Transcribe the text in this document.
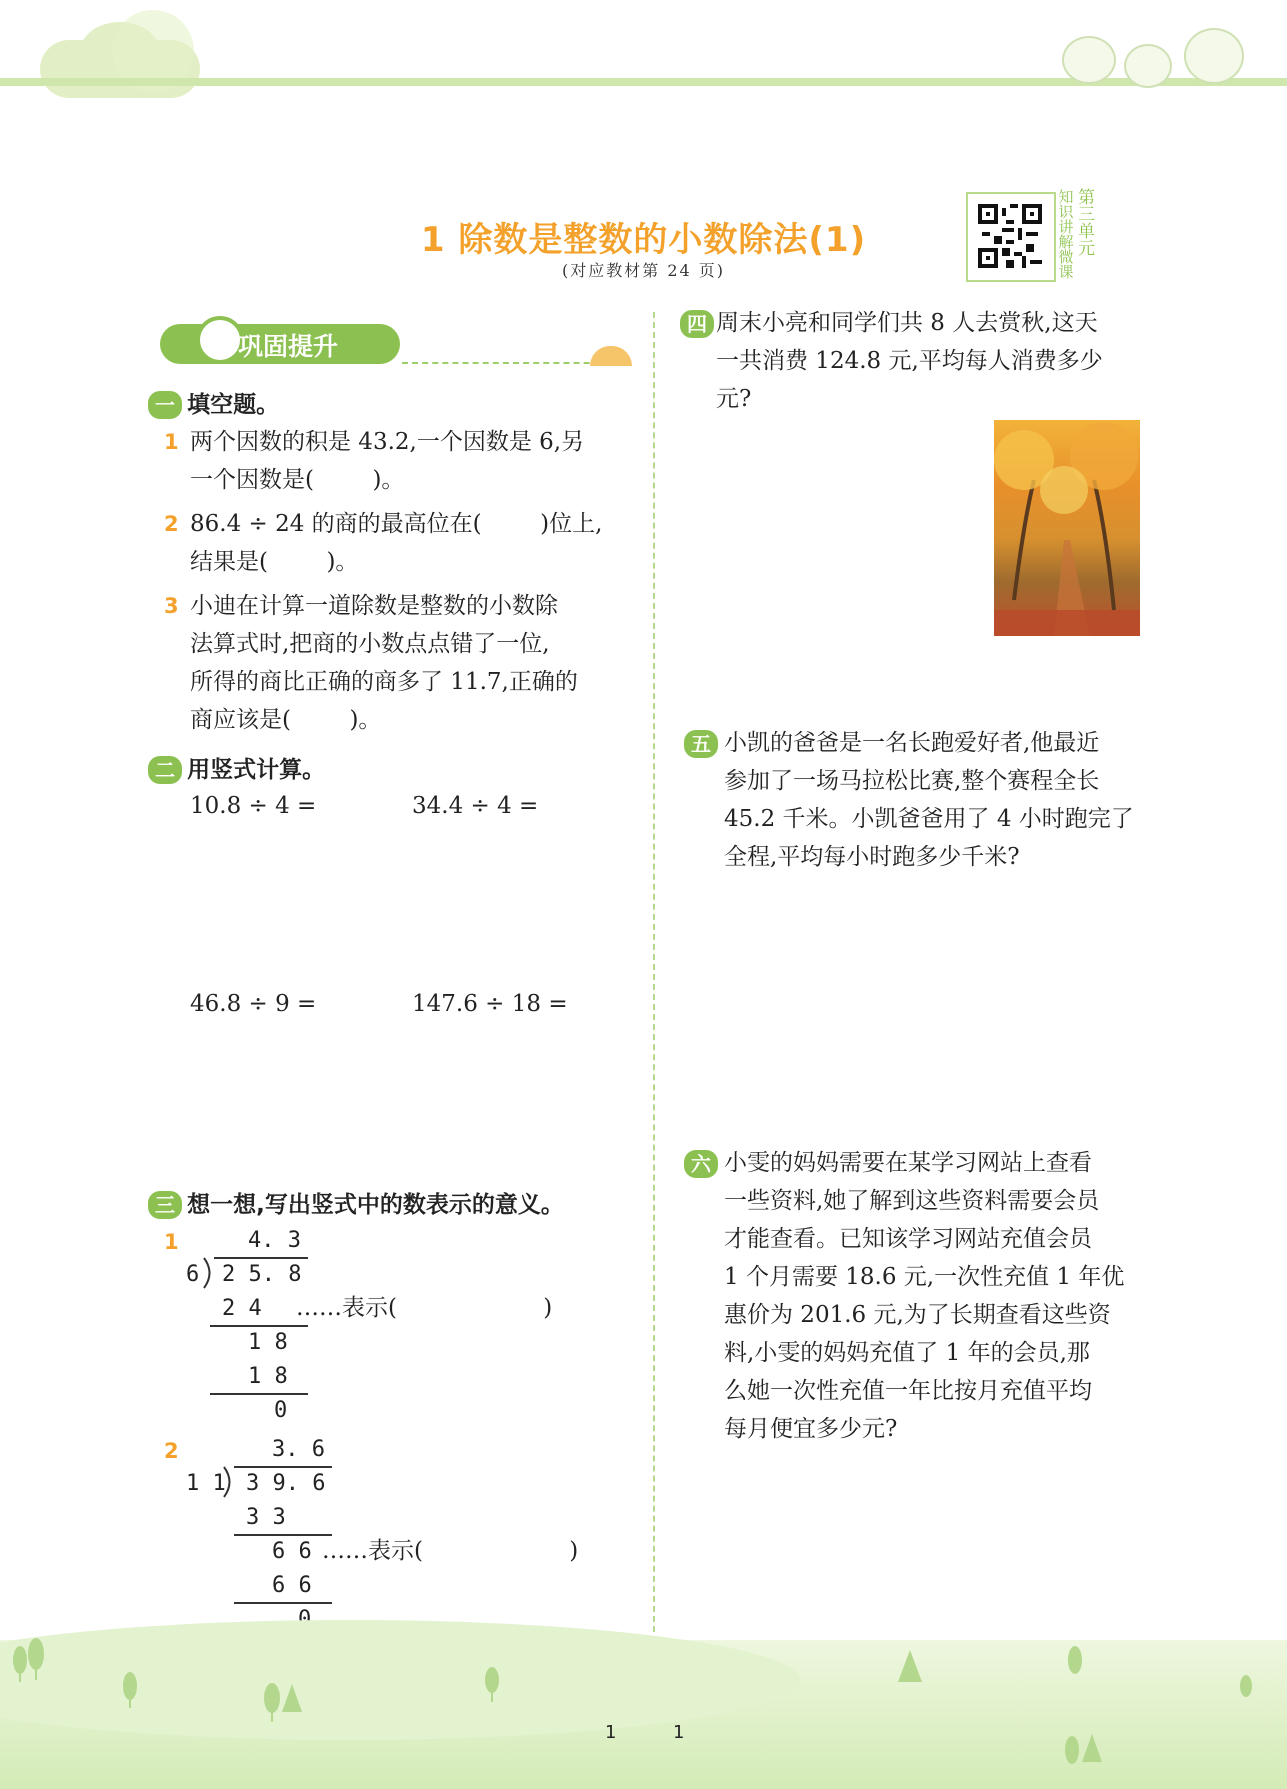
1 除数是整数的小数除法(1)
(对应教材第 24 页)
知识讲解微课
第三单元
巩固提升
一 填空题。
1 两个因数的积是 43.2,一个因数是 6,另
一个因数是(        )。
2 86.4 ÷ 24 的商的最高位在(        )位上,
结果是(        )。
3 小迪在计算一道除数是整数的小数除
法算式时,把商的小数点点错了一位,
所得的商比正确的商多了 11.7,正确的
商应该是(        )。
二 用竖式计算。
10.8 ÷ 4 =	34.4 ÷ 4 =
46.8 ÷ 9 =	147.6 ÷ 18 =
三 想一想,写出竖式中的数表示的意义。
1	4. 3
6 2 5. 8
2 4 ……表示(                    )
1 8
1 8
0
2	3. 6
1 1 3 9. 6
3 3
6 6 ……表示(                    )
6 6
四 周末小亮和同学们共 8 人去赏秋,这天
一共消费 124.8 元,平均每人消费多少
元?
五 小凯的爸爸是一名长跑爱好者,他最近
参加了一场马拉松比赛,整个赛程全长
45.2 千米。小凯爸爸用了 4 小时跑完了
全程,平均每小时跑多少千米?
六 小雯的妈妈需要在某学习网站上查看
一些资料,她了解到这些资料需要会员
才能查看。已知该学习网站充值会员
1 个月需要 18.6 元,一次性充值 1 年优
惠价为 201.6 元,为了长期查看这些资
料,小雯的妈妈充值了 1 年的会员,那
么她一次性充值一年比按月充值平均
每月便宜多少元?
1	1
